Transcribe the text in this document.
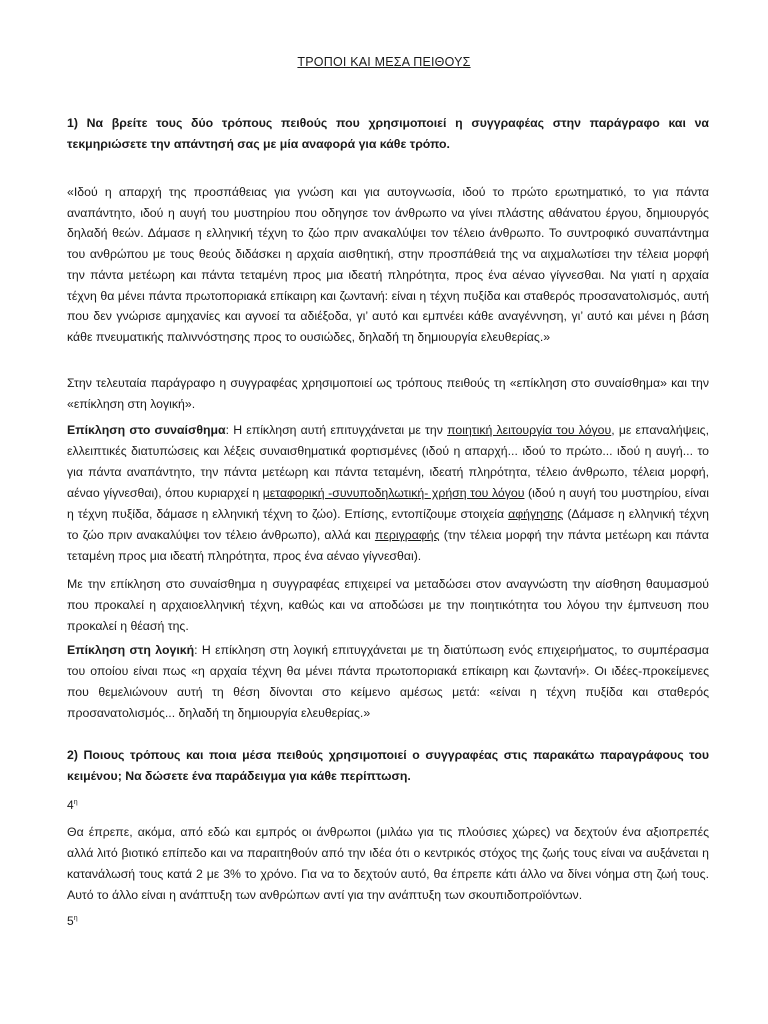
ΤΡΟΠΟΙ ΚΑΙ ΜΕΣΑ ΠΕΙΘΟΥΣ
1) Να βρείτε τους δύο τρόπους πειθούς που χρησιμοποιεί η συγγραφέας στην παράγραφο και να τεκμηριώσετε την απάντησή σας με μία αναφορά για κάθε τρόπο.
«Ιδού η απαρχή της προσπάθειας για γνώση και για αυτογνωσία, ιδού το πρώτο ερωτηματικό, το για πάντα αναπάντητο, ιδού η αυγή του μυστηρίου που οδηγησε τον άνθρωπο να γίνει πλάστης αθάνατου έργου, δημιουργός δηλαδή θεών. Δάμασε η ελληνική τέχνη το ζώο πριν ανακαλύψει τον τέλειο άνθρωπο. Το συντροφικό συναπάντημα του ανθρώπου με τους θεούς διδάσκει η αρχαία αισθητική, στην προσπάθειά της να αιχμαλωτίσει την τέλεια μορφή την πάντα μετέωρη και πάντα τεταμένη προς μια ιδεατή πληρότητα, προς ένα αέναο γίγνεσθαι. Να γιατί η αρχαία τέχνη θα μένει πάντα πρωτοποριακά επίκαιρη και ζωντανή: είναι η τέχνη πυξίδα και σταθερός προσανατολισμός, αυτή που δεν γνώρισε αμηχανίες και αγνοεί τα αδιέξοδα, γι’ αυτό και εμπνέει κάθε αναγέννηση, γι’ αυτό και μένει η βάση κάθε πνευματικής παλιννόστησης προς το ουσιώδες, δηλαδή τη δημιουργία ελευθερίας.»
Στην τελευταία παράγραφο η συγγραφέας χρησιμοποιεί ως τρόπους πειθούς τη «επίκληση στο συναίσθημα» και την «επίκληση στη λογική».
Επίκληση στο συναίσθημα: Η επίκληση αυτή επιτυγχάνεται με την ποιητική λειτουργία του λόγου, με επαναλήψεις, ελλειπτικές διατυπώσεις και λέξεις συναισθηματικά φορτισμένες (ιδού η απαρχή... ιδού το πρώτο... ιδού η αυγή... το για πάντα αναπάντητο, την πάντα μετέωρη και πάντα τεταμένη, ιδεατή πληρότητα, τέλειο άνθρωπο, τέλεια μορφή, αέναο γίγνεσθαι), όπου κυριαρχεί η μεταφορική -συνυποδηλωτική- χρήση του λόγου (ιδού η αυγή του μυστηρίου, είναι η τέχνη πυξίδα, δάμασε η ελληνική τέχνη το ζώο). Επίσης, εντοπίζουμε στοιχεία αφήγησης (Δάμασε η ελληνική τέχνη το ζώο πριν ανακαλύψει τον τέλειο άνθρωπο), αλλά και περιγραφής (την τέλεια μορφή την πάντα μετέωρη και πάντα τεταμένη προς μια ιδεατή πληρότητα, προς ένα αέναο γίγνεσθαι).
Με την επίκληση στο συναίσθημα η συγγραφέας επιχειρεί να μεταδώσει στον αναγνώστη την αίσθηση θαυμασμού που προκαλεί η αρχαιοελληνική τέχνη, καθώς και να αποδώσει με την ποιητικότητα του λόγου την έμπνευση που προκαλεί η θέασή της.
Επίκληση στη λογική: Η επίκληση στη λογική επιτυγχάνεται με τη διατύπωση ενός επιχειρήματος, το συμπέρασμα του οποίου είναι πως «η αρχαία τέχνη θα μένει πάντα πρωτοποριακά επίκαιρη και ζωντανή». Οι ιδέες-προκείμενες που θεμελιώνουν αυτή τη θέση δίνονται στο κείμενο αμέσως μετά: «είναι η τέχνη πυξίδα και σταθερός προσανατολισμός... δηλαδή τη δημιουργία ελευθερίας.»
2) Ποιους τρόπους και ποια μέσα πειθούς χρησιμοποιεί ο συγγραφέας στις παρακάτω παραγράφους του κειμένου; Να δώσετε ένα παράδειγμα για κάθε περίπτωση.
$4^\eta$
Θα έπρεπε, ακόμα, από εδώ και εμπρός οι άνθρωποι (μιλάω για τις πλούσιες χώρες) να δεχτούν ένα αξιοπρεπές αλλά λιτό βιοτικό επίπεδο και να παραιτηθούν από την ιδέα ότι ο κεντρικός στόχος της ζωής τους είναι να αυξάνεται η κατανάλωσή τους κατά 2 με 3% το χρόνο. Για να το δεχτούν αυτό, θα έπρεπε κάτι άλλο να δίνει νόημα στη ζωή τους. Αυτό το άλλο είναι η ανάπτυξη των ανθρώπων αντί για την ανάπτυξη των σκουπιδοπροϊόντων.
$5^\eta$
